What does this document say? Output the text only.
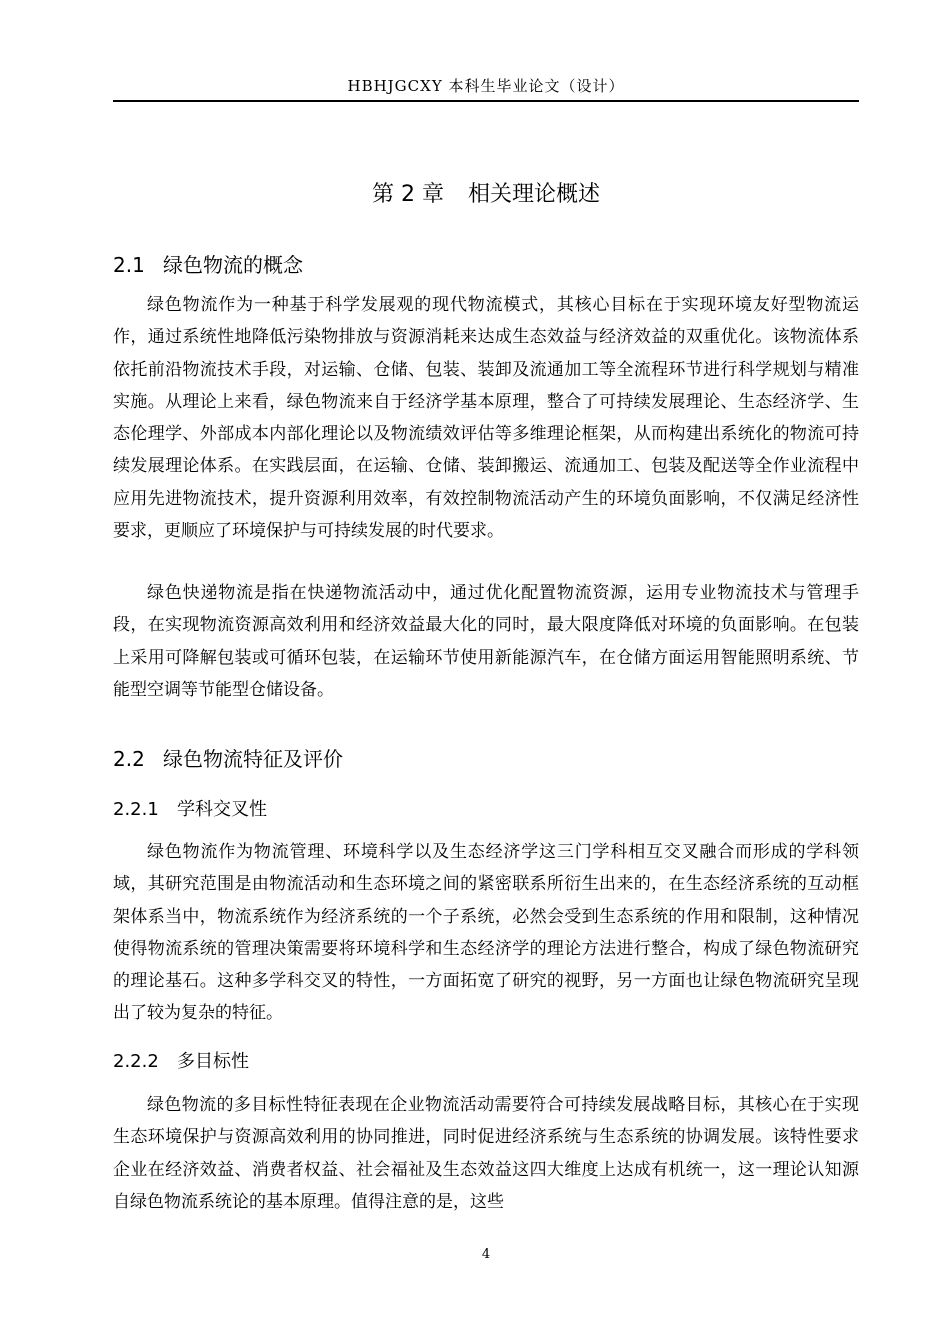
HBHJGCXY 本科生毕业论文（设计）
第 2 章 相关理论概述
2.1 绿色物流的概念

绿色物流作为一种基于科学发展观的现代物流模式，其核心目标在于实现环境友好型物流运作，通过系统性地降低污染物排放与资源消耗来达成生态效益与经济效益的双重优化。该物流体系依托前沿物流技术手段，对运输、仓储、包装、装卸及流通加工等全流程环节进行科学规划与精准实施。从理论上来看，绿色物流来自于经济学基本原理，整合了可持续发展理论、生态经济学、生态伦理学、外部成本内部化理论以及物流绩效评估等多维理论框架，从而构建出系统化的物流可持续发展理论体系。在实践层面，在运输、仓储、装卸搬运、流通加工、包装及配送等全作业流程中应用先进物流技术，提升资源利用效率，有效控制物流活动产生的环境负面影响，不仅满足经济性要求，更顺应了环境保护与可持续发展的时代要求。

绿色快递物流是指在快递物流活动中，通过优化配置物流资源，运用专业物流技术与管理手段，在实现物流资源高效利用和经济效益最大化的同时，最大限度降低对环境的负面影响。在包装上采用可降解包装或可循环包装，在运输环节使用新能源汽车，在仓储方面运用智能照明系统、节能型空调等节能型仓储设备。

2.2 绿色物流特征及评价
2.2.1 学科交叉性

绿色物流作为物流管理、环境科学以及生态经济学这三门学科相互交叉融合而形成的学科领域，其研究范围是由物流活动和生态环境之间的紧密联系所衍生出来的，在生态经济系统的互动框架体系当中，物流系统作为经济系统的一个子系统，必然会受到生态系统的作用和限制，这种情况使得物流系统的管理决策需要将环境科学和生态经济学的理论方法进行整合，构成了绿色物流研究的理论基石。这种多学科交叉的特性，一方面拓宽了研究的视野，另一方面也让绿色物流研究呈现出了较为复杂的特征。

2.2.2 多目标性

绿色物流的多目标性特征表现在企业物流活动需要符合可持续发展战略目标，其核心在于实现生态环境保护与资源高效利用的协同推进，同时促进经济系统与生态系统的协调发展。该特性要求企业在经济效益、消费者权益、社会福祉及生态效益这四大维度上达成有机统一，这一理论认知源自绿色物流系统论的基本原理。值得注意的是，这些

4
